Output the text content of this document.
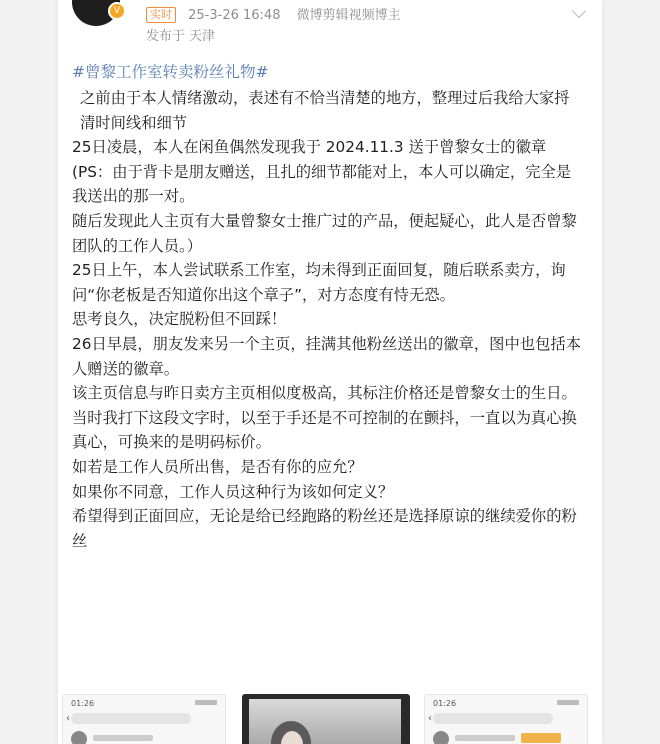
V	实时 25-3-26 16:48 微博剪辑视频博主
发布于 天津

#曾黎工作室转卖粉丝礼物#

之前由于本人情绪激动，表述有不恰当清楚的地方，整理过后我给大家捋清时间线和细节

25日凌晨，本人在闲鱼偶然发现我于 2024.11.3 送于曾黎女士的徽章

(PS：由于背卡是朋友赠送，且扎的细节都能对上，本人可以确定，完全是我送出的那一对。

随后发现此人主页有大量曾黎女士推广过的产品，便起疑心，此人是否曾黎团队的工作人员。）

25日上午，本人尝试联系工作室，均未得到正面回复，随后联系卖方，询问“你老板是否知道你出这个章子”，对方态度有恃无恐。

思考良久，决定脱粉但不回踩！

26日早晨，朋友发来另一个主页，挂满其他粉丝送出的徽章，图中也包括本人赠送的徽章。

该主页信息与昨日卖方主页相似度极高，其标注价格还是曾黎女士的生日。

当时我打下这段文字时，以至于手还是不可控制的在颤抖，一直以为真心换真心，可换来的是明码标价。

如若是工作人员所出售，是否有你的应允？

如果你不同意，工作人员这种行为该如何定义？

希望得到正面回应，无论是给已经跑路的粉丝还是选择原谅的继续爱你的粉丝

01:26
‹
01:26
‹
